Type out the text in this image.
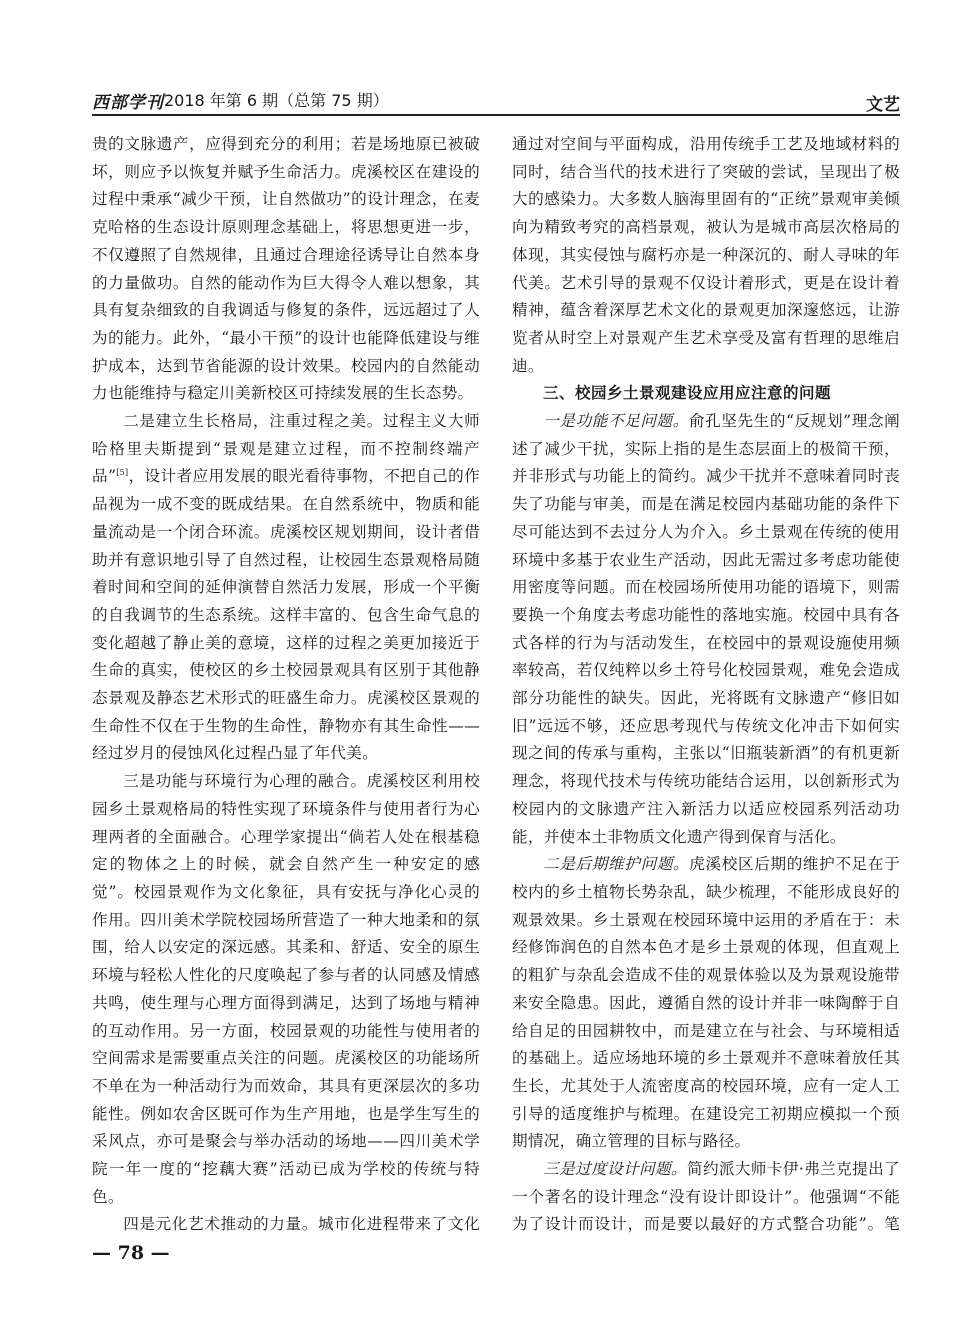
西部学刊 2018 年第 6 期（总第 75 期）	文艺

贵的文脉遗产，应得到充分的利用；若是场地原已被破坏，则应予以恢复并赋予生命活力。虎溪校区在建设的过程中秉承“减少干预，让自然做功”的设计理念，在麦克哈格的生态设计原则理念基础上，将思想更进一步，不仅遵照了自然规律，且通过合理途径诱导让自然本身的力量做功。自然的能动作为巨大得令人难以想象，其具有复杂细致的自我调适与修复的条件，远远超过了人为的能力。此外，“最小干预”的设计也能降低建设与维护成本，达到节省能源的设计效果。校园内的自然能动力也能维持与稳定川美新校区可持续发展的生长态势。

二是建立生长格局，注重过程之美。过程主义大师哈格里夫斯提到“景观是建立过程，而不控制终端产品”[5]，设计者应用发展的眼光看待事物，不把自己的作品视为一成不变的既成结果。在自然系统中，物质和能量流动是一个闭合环流。虎溪校区规划期间，设计者借助并有意识地引导了自然过程，让校园生态景观格局随着时间和空间的延伸演替自然活力发展，形成一个平衡的自我调节的生态系统。这样丰富的、包含生命气息的变化超越了静止美的意境，这样的过程之美更加接近于生命的真实，使校区的乡土校园景观具有区别于其他静态景观及静态艺术形式的旺盛生命力。虎溪校区景观的生命性不仅在于生物的生命性，静物亦有其生命性——经过岁月的侵蚀风化过程凸显了年代美。

三是功能与环境行为心理的融合。虎溪校区利用校园乡土景观格局的特性实现了环境条件与使用者行为心理两者的全面融合。心理学家提出“倘若人处在根基稳定的物体之上的时候，就会自然产生一种安定的感觉”。校园景观作为文化象征，具有安抚与净化心灵的作用。四川美术学院校园场所营造了一种大地柔和的氛围，给人以安定的深远感。其柔和、舒适、安全的原生环境与轻松人性化的尺度唤起了参与者的认同感及情感共鸣，使生理与心理方面得到满足，达到了场地与精神的互动作用。另一方面，校园景观的功能性与使用者的空间需求是需要重点关注的问题。虎溪校区的功能场所不单在为一种活动行为而效命，其具有更深层次的多功能性。例如农舍区既可作为生产用地，也是学生写生的采风点，亦可是聚会与举办活动的场地——四川美术学院一年一度的“挖藕大赛”活动已成为学校的传统与特色。

四是元化艺术推动的力量。城市化进程带来了文化

通过对空间与平面构成，沿用传统手工艺及地域材料的同时，结合当代的技术进行了突破的尝试，呈现出了极大的感染力。大多数人脑海里固有的“正统”景观审美倾向为精致考究的高档景观，被认为是城市高层次格局的体现，其实侵蚀与腐朽亦是一种深沉的、耐人寻味的年代美。艺术引导的景观不仅设计着形式，更是在设计着精神，蕴含着深厚艺术文化的景观更加深邃悠远，让游览者从时空上对景观产生艺术享受及富有哲理的思维启迪。

三、校园乡土景观建设应用应注意的问题

一是功能不足问题。俞孔坚先生的“反规划”理念阐述了减少干扰，实际上指的是生态层面上的极简干预，并非形式与功能上的简约。减少干扰并不意味着同时丧失了功能与审美，而是在满足校园内基础功能的条件下尽可能达到不去过分人为介入。乡土景观在传统的使用环境中多基于农业生产活动，因此无需过多考虑功能使用密度等问题。而在校园场所使用功能的语境下，则需要换一个角度去考虑功能性的落地实施。校园中具有各式各样的行为与活动发生，在校园中的景观设施使用频率较高，若仅纯粹以乡土符号化校园景观，难免会造成部分功能性的缺失。因此，光将既有文脉遗产“修旧如旧”远远不够，还应思考现代与传统文化冲击下如何实现之间的传承与重构，主张以“旧瓶装新酒”的有机更新理念，将现代技术与传统功能结合运用，以创新形式为校园内的文脉遗产注入新活力以适应校园系列活动功能，并使本土非物质文化遗产得到保育与活化。

二是后期维护问题。虎溪校区后期的维护不足在于校内的乡土植物长势杂乱，缺少梳理，不能形成良好的观景效果。乡土景观在校园环境中运用的矛盾在于：未经修饰润色的自然本色才是乡土景观的体现，但直观上的粗犷与杂乱会造成不佳的观景体验以及为景观设施带来安全隐患。因此，遵循自然的设计并非一味陶醉于自给自足的田园耕牧中，而是建立在与社会、与环境相适的基础上。适应场地环境的乡土景观并不意味着放任其生长，尤其处于人流密度高的校园环境，应有一定人工引导的适度维护与梳理。在建设完工初期应模拟一个预期情况，确立管理的目标与路径。

三是过度设计问题。简约派大师卡伊·弗兰克提出了一个著名的设计理念“没有设计即设计”。他强调“不能为了设计而设计，而是要以最好的方式整合功能”。笔

— 78 —
